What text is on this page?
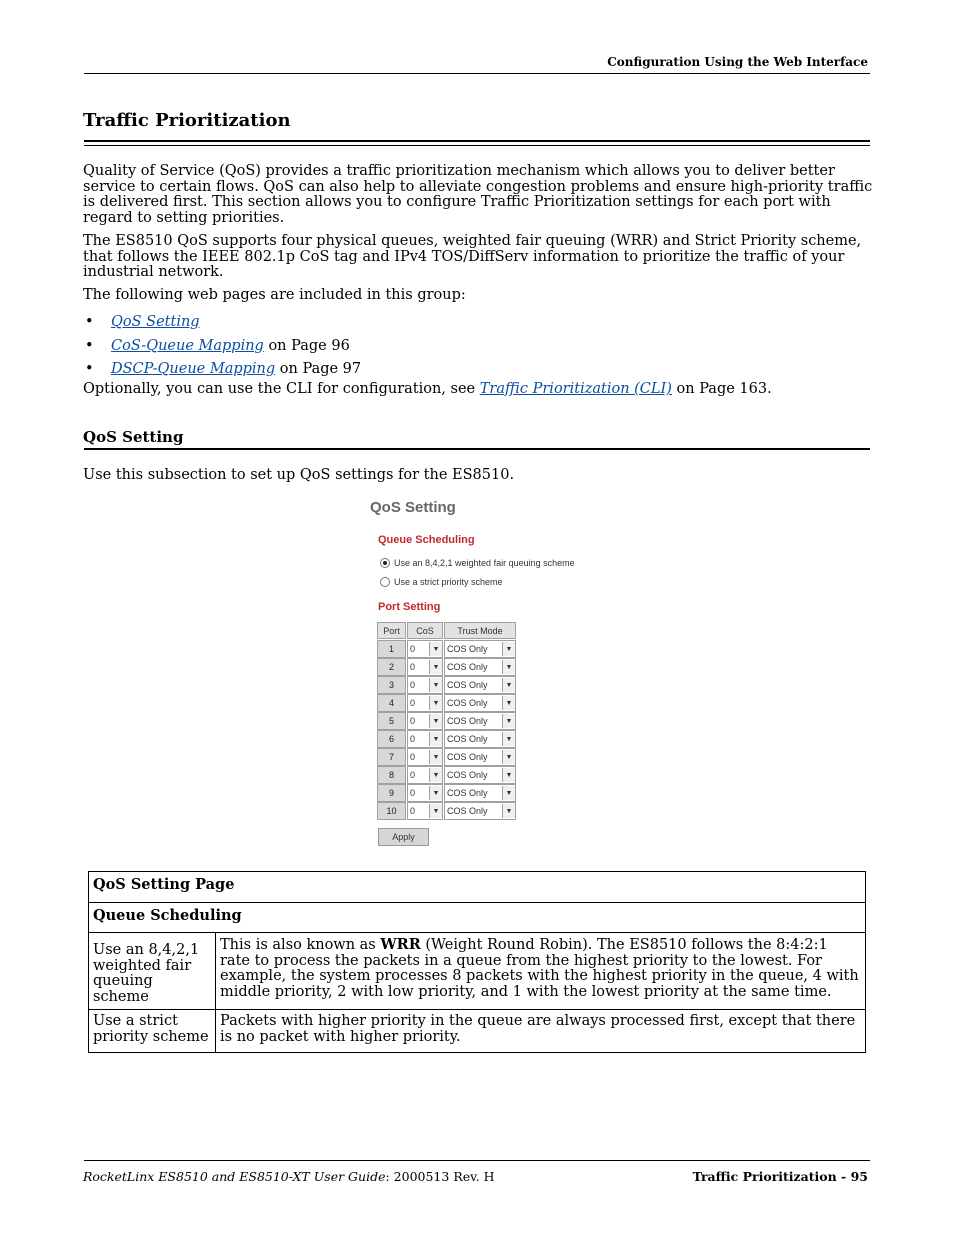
Configuration Using the Web Interface
Traffic Prioritization
Quality of Service (QoS) provides a traffic prioritization mechanism which allows you to deliver better service to certain flows. QoS can also help to alleviate congestion problems and ensure high-priority traffic is delivered first. This section allows you to configure Traffic Prioritization settings for each port with regard to setting priorities.
The ES8510 QoS supports four physical queues, weighted fair queuing (WRR) and Strict Priority scheme, that follows the IEEE 802.1p CoS tag and IPv4 TOS/DiffServ information to prioritize the traffic of your industrial network.
The following web pages are included in this group:
• QoS Setting
• CoS-Queue Mapping on Page 96
• DSCP-Queue Mapping on Page 97
Optionally, you can use the CLI for configuration, see Traffic Prioritization (CLI) on Page 163.
QoS Setting
Use this subsection to set up QoS settings for the ES8510.
QoS Setting
Queue Scheduling
Use an 8,4,2,1 weighted fair queuing scheme
Use a strict priority scheme
Port Setting
Port	CoS	Trust Mode
1	0	▼ COS Only	▼
2	0	▼ COS Only	▼
3	0	▼ COS Only	▼
4	0	▼ COS Only	▼
5	0	▼ COS Only	▼
6	0	▼ COS Only	▼
7	0	▼ COS Only	▼
8	0	▼ COS Only	▼
9	0	▼ COS Only	▼
10	0	▼ COS Only	▼
Apply
QoS Setting Page	
Queue Scheduling	
Use an 8,4,2,1 weighted fair queuing scheme	This is also known as WRR (Weight Round Robin). The ES8510 follows the 8:4:2:1 rate to process the packets in a queue from the highest priority to the lowest. For example, the system processes 8 packets with the highest priority in the queue, 4 with middle priority, 2 with low priority, and 1 with the lowest priority at the same time.
Use a strict priority scheme	Packets with higher priority in the queue are always processed first, except that there is no packet with higher priority.
RocketLinx ES8510 and ES8510-XT User Guide: 2000513 Rev. H	Traffic Prioritization - 95
